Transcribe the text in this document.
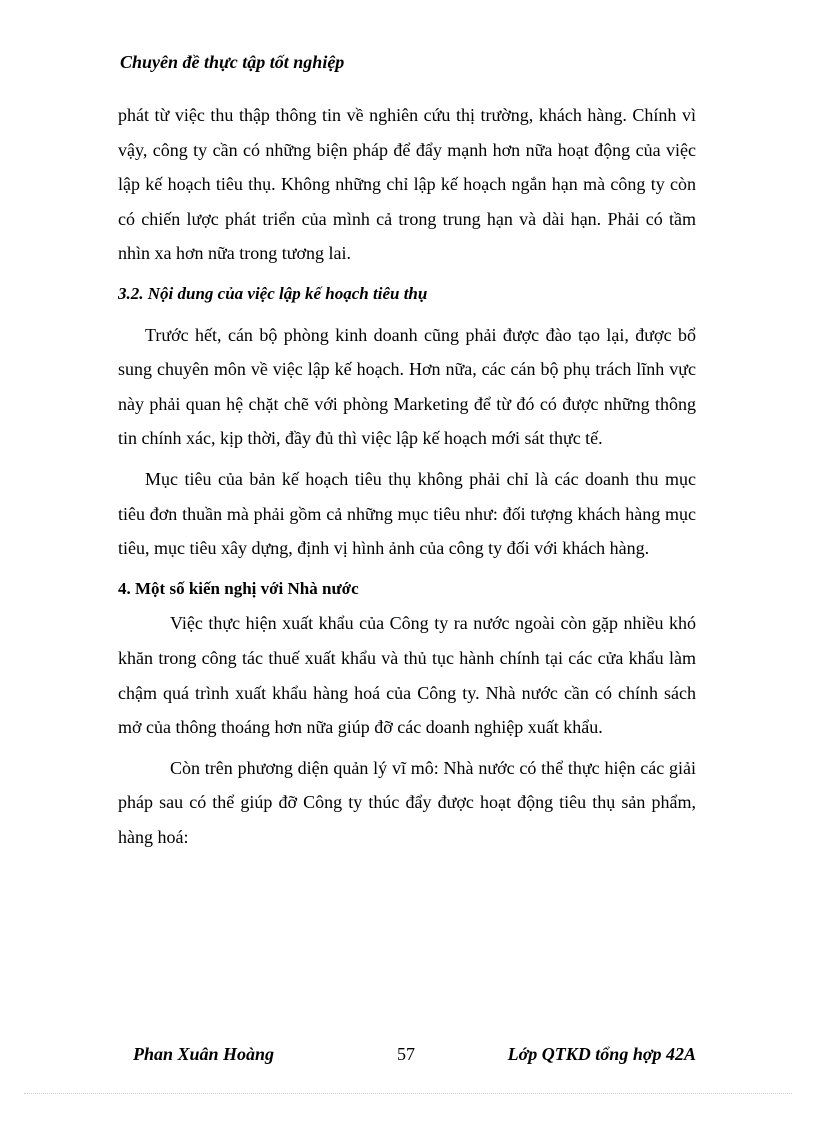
Chuyên đề thực tập tốt nghiệp

phát từ việc thu thập thông tin về nghiên cứu thị trường, khách hàng. Chính vì vậy, công ty cần có những biện pháp để đẩy mạnh hơn nữa hoạt động của việc lập kế hoạch tiêu thụ. Không những chỉ lập kế hoạch ngắn hạn mà công ty còn có chiến lược phát triển của mình cả trong trung hạn và dài hạn. Phải có tầm nhìn xa hơn nữa trong tương lai.

3.2. Nội dung của việc lập kế hoạch tiêu thụ

Trước hết, cán bộ phòng kinh doanh cũng phải được đào tạo lại, được bổ sung chuyên môn về việc lập kế hoạch. Hơn nữa, các cán bộ phụ trách lĩnh vực này phải quan hệ chặt chẽ với phòng Marketing để từ đó có được những thông tin chính xác, kịp thời, đầy đủ thì việc lập kế hoạch mới sát thực tế.

Mục tiêu của bản kế hoạch tiêu thụ không phải chỉ là các doanh thu mục tiêu đơn thuần mà phải gồm cả những mục tiêu như: đối tượng khách hàng mục tiêu, mục tiêu xây dựng, định vị hình ảnh của công ty đối với khách hàng.

4. Một số kiến nghị với Nhà nước

Việc thực hiện xuất khẩu của Công ty ra nước ngoài còn gặp nhiều khó khăn trong công tác thuế xuất khẩu và thủ tục hành chính tại các cửa khẩu làm chậm quá trình xuất khẩu hàng hoá của Công ty. Nhà nước cần có chính sách mở của thông thoáng hơn nữa giúp đỡ các doanh nghiệp xuất khẩu.

Còn trên phương diện quản lý vĩ mô: Nhà nước có thể thực hiện các giải pháp sau có thể giúp đỡ Công ty thúc đẩy được hoạt động tiêu thụ sản phẩm, hàng hoá:

Phan Xuân Hoàng	57	Lớp QTKD tổng hợp 42A
